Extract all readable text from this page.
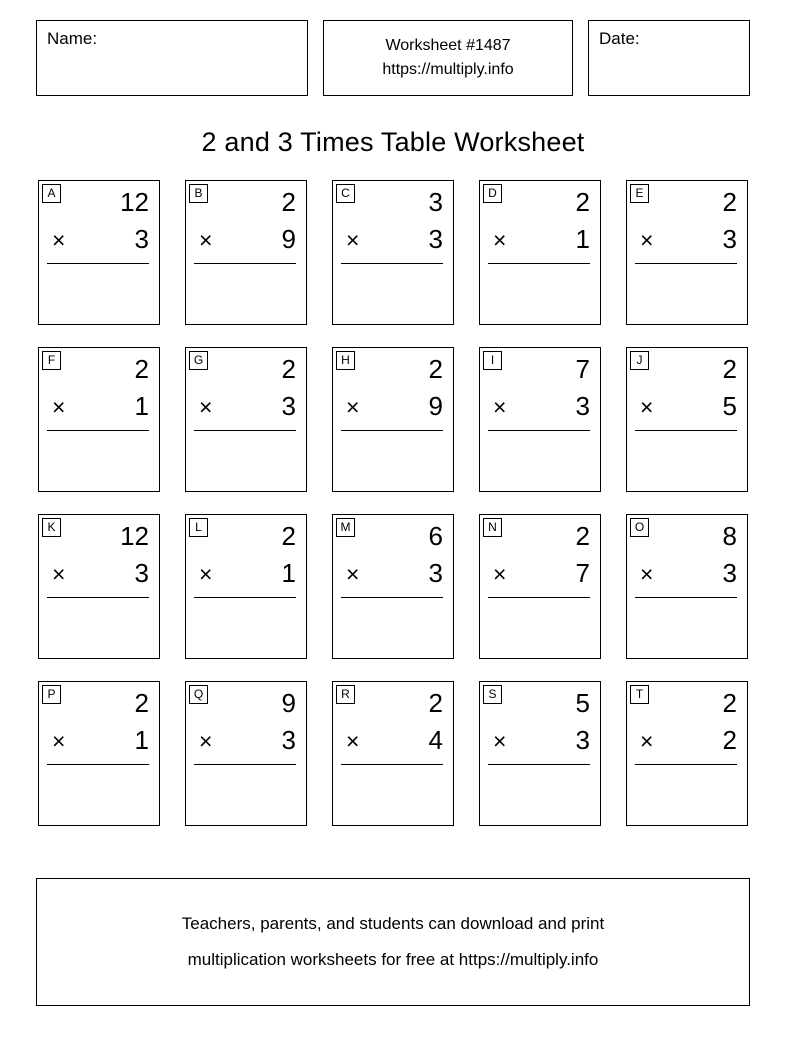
Name:	Worksheet #1487
https://multiply.info
Date:
2 and 3 Times Table Worksheet
A 12
×	3
B	2
×	9
C	3
×	3
D	2
×	1
E	2
×	3
F	2
×	1
G	2
×	3
H	2
×	9
I	7
×	3
J	2
×	5
K 12
×	3
L	2
×	1
M	6
×	3
N	2
×	7
O	8
×	3
P	2
×	1
Q	9
×	3
R	2
×	4
S	5
×	3
T	2
×	2
Teachers, parents, and students can download and print
multiplication worksheets for free at https://multiply.info
